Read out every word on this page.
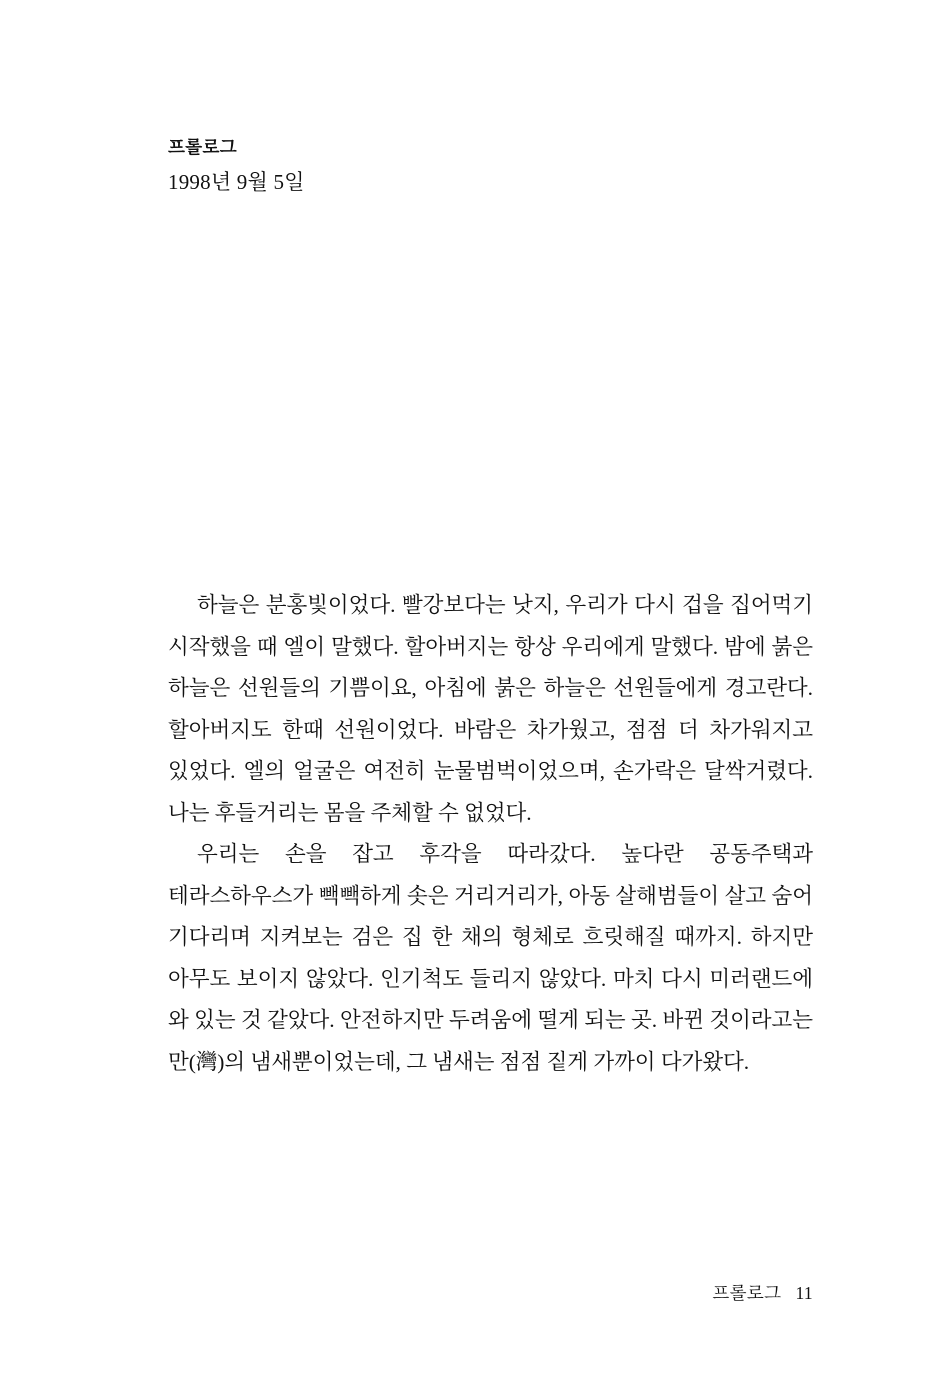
프롤로그
1998년 9월 5일

하늘은 분홍빛이었다. 빨강보다는 낫지, 우리가 다시 겁을 집어먹기 시작했을 때 엘이 말했다. 할아버지는 항상 우리에게 말했다. 밤에 붉은 하늘은 선원들의 기쁨이요, 아침에 붉은 하늘은 선원들에게 경고란다. 할아버지도 한때 선원이었다. 바람은 차가웠고, 점점 더 차가워지고 있었다. 엘의 얼굴은 여전히 눈물범벅이었으며, 손가락은 달싹거렸다. 나는 후들거리는 몸을 주체할 수 없었다.

우리는 손을 잡고 후각을 따라갔다. 높다란 공동주택과 테라스하우스가 빽빽하게 솟은 거리거리가, 아동 살해범들이 살고 숨어 기다리며 지켜보는 검은 집 한 채의 형체로 흐릿해질 때까지. 하지만 아무도 보이지 않았다. 인기척도 들리지 않았다. 마치 다시 미러랜드에 와 있는 것 같았다. 안전하지만 두려움에 떨게 되는 곳. 바뀐 것이라고는 만(灣)의 냄새뿐이었는데, 그 냄새는 점점 짙게 가까이 다가왔다.

프롤로그 11
